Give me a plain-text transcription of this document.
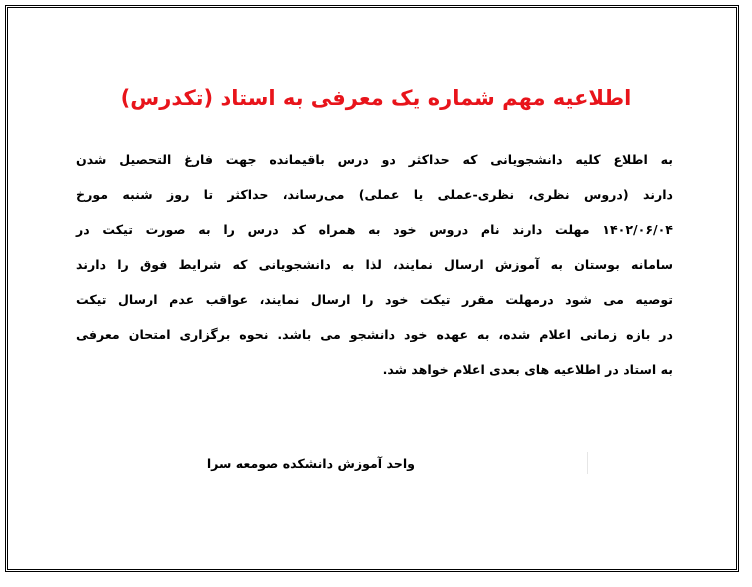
اطلاعیه مهم شماره یک معرفی به استاد (تکدرس)
به اطلاع کلیه دانشجویانی که حداکثر دو درس باقیمانده جهت فارغ التحصیل شدن
دارند (دروس نظری، نظری-عملی یا عملی) می‌رساند، حداکثر تا روز شنبه مورخ
۱۴۰۲/۰۶/۰۴ مهلت دارند نام دروس خود به همراه کد درس را به صورت تیکت در
سامانه بوستان به آموزش ارسال نمایند، لذا به دانشجویانی که شرایط فوق را دارند
توصیه می شود درمهلت مقرر تیکت خود را ارسال نمایند، عواقب عدم ارسال تیکت
در بازه زمانی اعلام شده، به عهده خود دانشجو می باشد. نحوه برگزاری امتحان معرفی
به استاد در اطلاعیه های بعدی اعلام خواهد شد.
واحد آموزش دانشکده صومعه سرا
